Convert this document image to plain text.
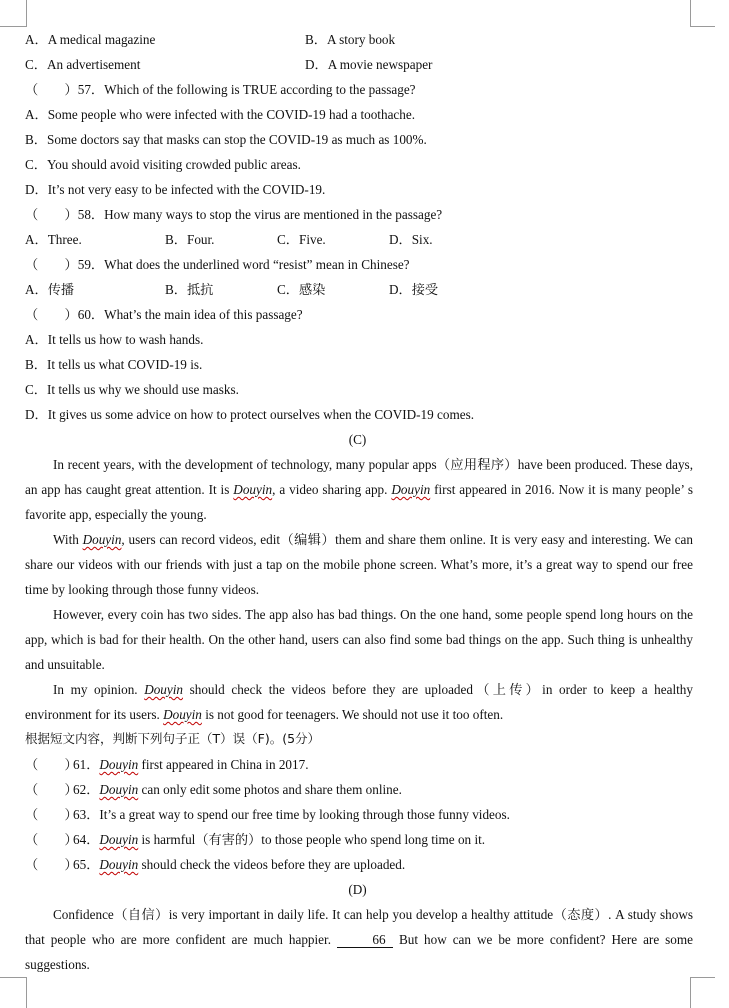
A．A medical magazine	B．A story book
C．An advertisement	D．A movie newspaper
（　　）57．Which of the following is TRUE according to the passage?
A．Some people who were infected with the COVID-19 had a toothache.
B．Some doctors say that masks can stop the COVID-19 as much as 100%.
C．You should avoid visiting crowded public areas.
D．It’s not very easy to be infected with the COVID-19.
（　　）58．How many ways to stop the virus are mentioned in the passage?
A．Three.	B．Four.	C．Five.	D．Six.
（　　）59．What does the underlined word “resist” mean in Chinese?
A．传播	B．抵抗	C．感染	D．接受
（　　）60．What’s the main idea of this passage?
A．It tells us how to wash hands.
B．It tells us what COVID-19 is.
C．It tells us why we should use masks.
D．It gives us some advice on how to protect ourselves when the COVID-19 comes.
(C)
In recent years, with the development of technology, many popular apps（应用程序）have been produced. These days, an app has caught great attention. It is Douyin, a video sharing app. Douyin first appeared in 2016. Now it is many people’ s favorite app, especially the young.
With Douyin, users can record videos, edit（编辑）them and share them online. It is very easy and interesting. We can share our videos with our friends with just a tap on the mobile phone screen. What’s more, it’s a great way to spend our free time by looking through those funny videos.
However, every coin has two sides. The app also has bad things. On the one hand, some people spend long hours on the app, which is bad for their health. On the other hand, users can also find some bad things on the app. Such thing is unhealthy and unsuitable.
In my opinion. Douyin should check the videos before they are uploaded（上传）in order to keep a healthy environment for its users. Douyin is not good for teenagers. We should not use it too often.
根据短文内容，判断下列句子正（T）误（F)。(5分）
（　　）61．Douyin first appeared in China in 2017.
（　　）62．Douyin can only edit some photos and share them online.
（　　）63．It’s a great way to spend our free time by looking through those funny videos.
（　　）64．Douyin is harmful（有害的）to those people who spend long time on it.
（　　）65．Douyin should check the videos before they are uploaded.
(D)
Confidence（自信）is very important in daily life. It can help you develop a healthy attitude（态度）. A study shows that people who are more confident are much happier.	66 But how can we be more confident? Here are some suggestions.
